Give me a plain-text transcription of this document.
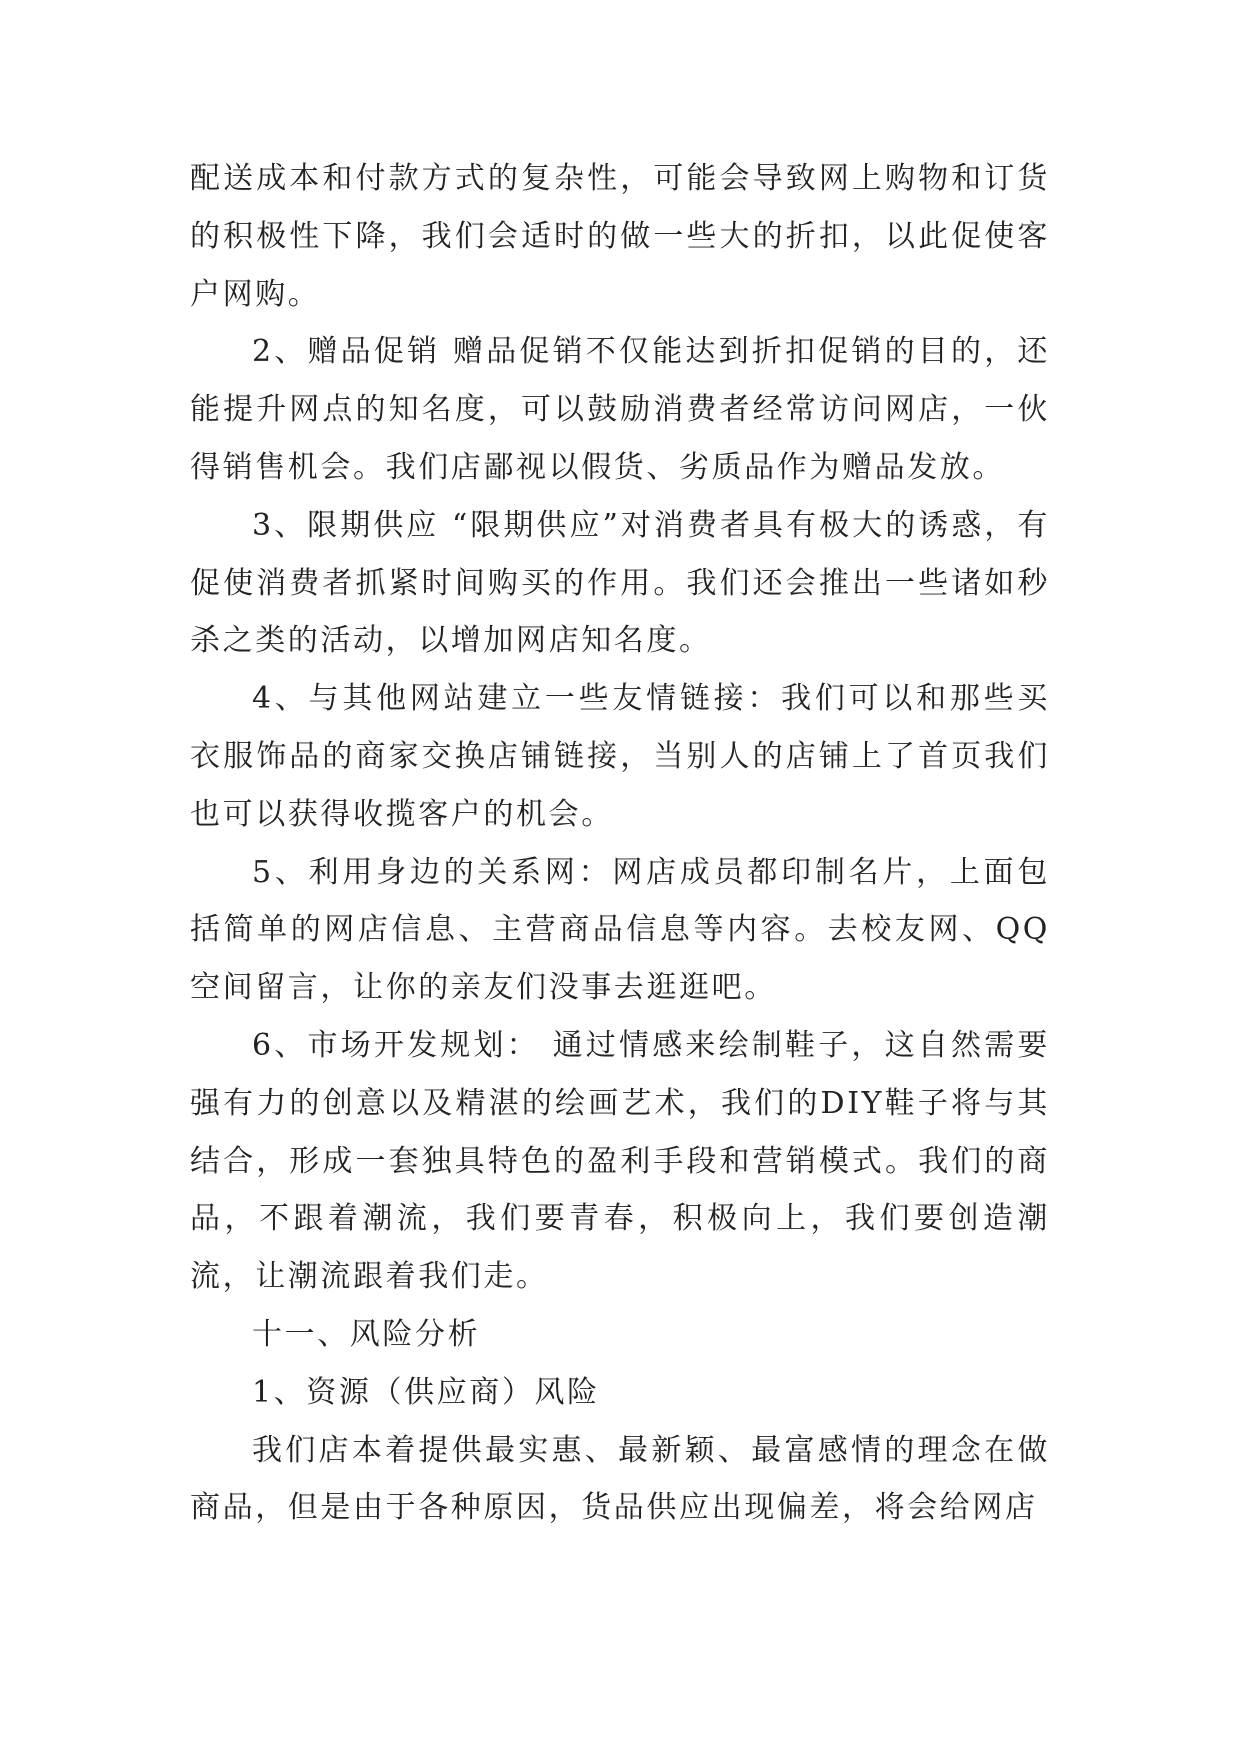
配送成本和付款方式的复杂性，可能会导致网上购物和订货的积极性下降，我们会适时的做一些大的折扣，以此促使客户网购。

2、赠品促销 赠品促销不仅能达到折扣促销的目的，还能提升网点的知名度，可以鼓励消费者经常访问网店，一伙得销售机会。我们店鄙视以假货、劣质品作为赠品发放。

3、限期供应 “限期供应”对消费者具有极大的诱惑，有促使消费者抓紧时间购买的作用。我们还会推出一些诸如秒杀之类的活动，以增加网店知名度。

4、与其他网站建立一些友情链接：我们可以和那些买衣服饰品的商家交换店铺链接，当别人的店铺上了首页我们也可以获得收揽客户的机会。

5、利用身边的关系网：网店成员都印制名片，上面包括简单的网店信息、主营商品信息等内容。去校友网、QQ空间留言，让你的亲友们没事去逛逛吧。

6、市场开发规划： 通过情感来绘制鞋子，这自然需要强有力的创意以及精湛的绘画艺术，我们的DIY鞋子将与其结合，形成一套独具特色的盈利手段和营销模式。我们的商品，不跟着潮流，我们要青春，积极向上，我们要创造潮流，让潮流跟着我们走。

十一、风险分析

1、资源（供应商）风险

我们店本着提供最实惠、最新颖、最富感情的理念在做商品，但是由于各种原因，货品供应出现偏差，将会给网店
